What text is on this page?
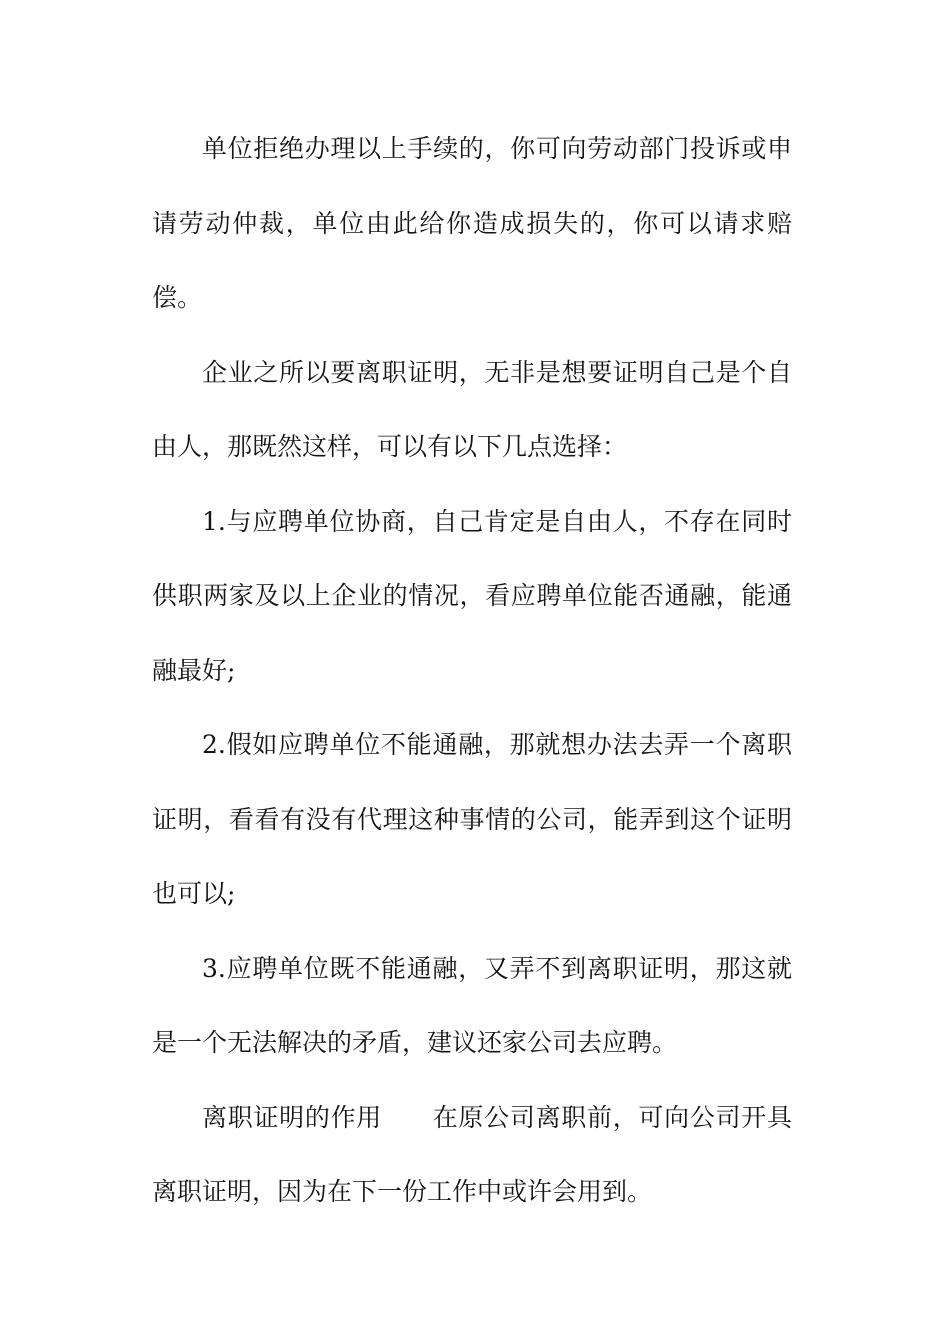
单位拒绝办理以上手续的，你可向劳动部门投诉或申请劳动仲裁，单位由此给你造成损失的，你可以请求赔偿。

企业之所以要离职证明，无非是想要证明自己是个自由人，那既然这样，可以有以下几点选择：

1.与应聘单位协商，自己肯定是自由人，不存在同时供职两家及以上企业的情况，看应聘单位能否通融，能通融最好;

2.假如应聘单位不能通融，那就想办法去弄一个离职证明，看看有没有代理这种事情的公司，能弄到这个证明也可以;

3.应聘单位既不能通融，又弄不到离职证明，那这就是一个无法解决的矛盾，建议还家公司去应聘。

离职证明的作用 在原公司离职前，可向公司开具离职证明，因为在下一份工作中或许会用到。
